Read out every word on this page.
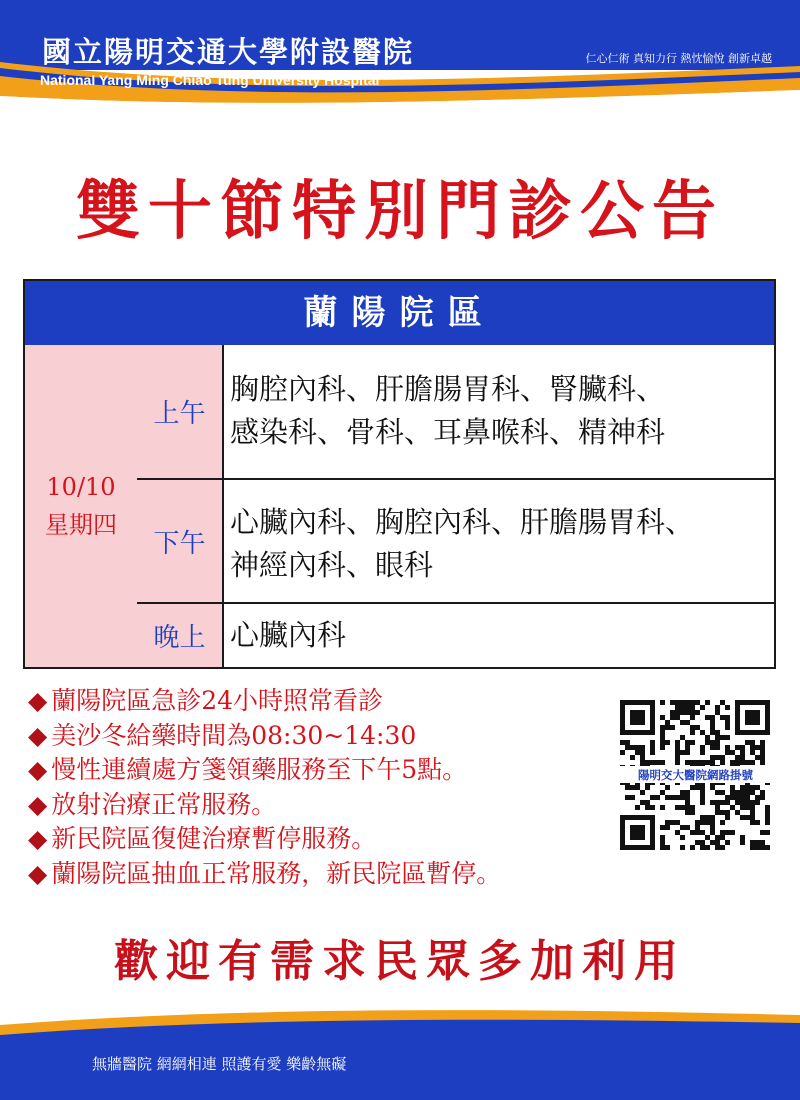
國立陽明交通大學附設醫院
National Yang Ming Chiao Tung University Hospital
仁心仁術 真知力行 熱忱愉悅 創新卓越
雙十節特別門診公告
蘭陽院區
10/10
星期四
上午
胸腔內科、肝膽腸胃科、腎臟科、
感染科、骨科、耳鼻喉科、精神科
下午
心臟內科、胸腔內科、肝膽腸胃科、
神經內科、眼科
晚上 心臟內科
◆ 蘭陽院區急診24小時照常看診
◆ 美沙冬給藥時間為08:30~14:30
◆ 慢性連續處方箋領藥服務至下午5點。
◆ 放射治療正常服務。
◆ 新民院區復健治療暫停服務。
◆ 蘭陽院區抽血正常服務，新民院區暫停。
陽明交大醫院網路掛號
歡迎有需求民眾多加利用
無牆醫院 網網相連 照護有愛 樂齡無礙
